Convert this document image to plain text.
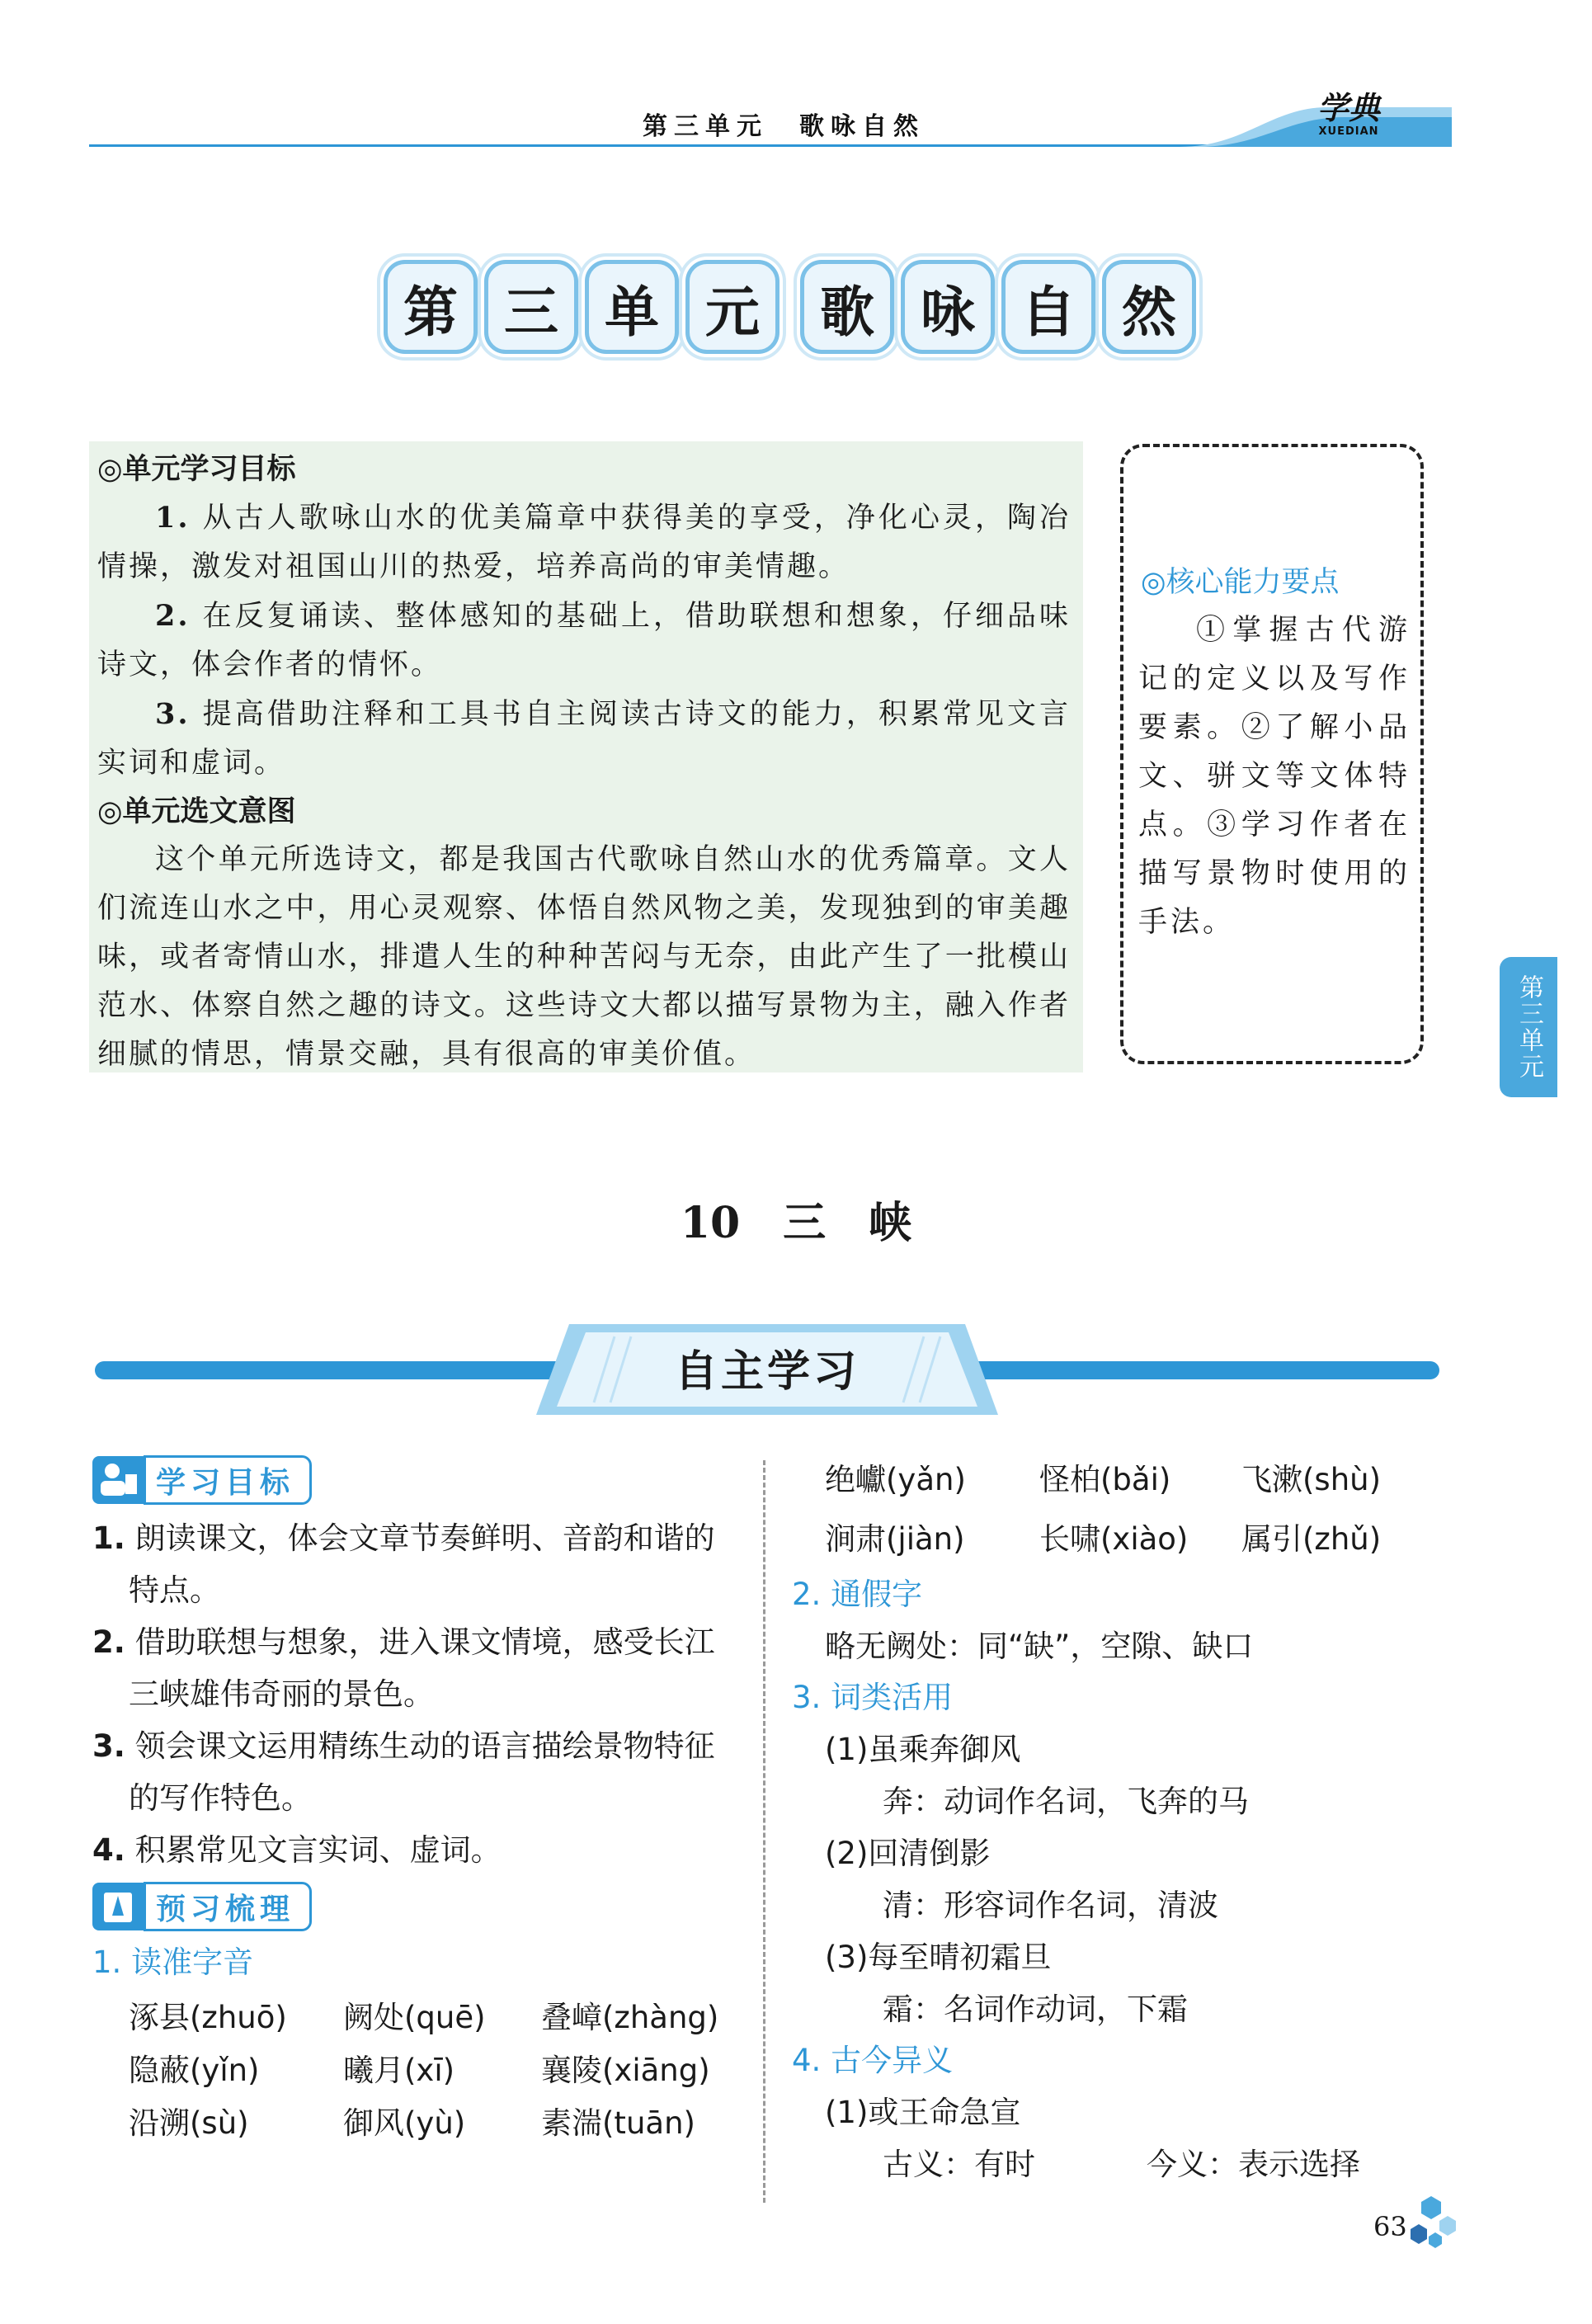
第三单元　歌咏自然
学典
XUEDIAN
第 三 单 元	歌 咏 自 然
◎单元学习目标
1. 从古人歌咏山水的优美篇章中获得美的享受，净化心灵，陶冶情操，激发对祖国山川的热爱，培养高尚的审美情趣。
2. 在反复诵读、整体感知的基础上，借助联想和想象，仔细品味诗文，体会作者的情怀。
3. 提高借助注释和工具书自主阅读古诗文的能力，积累常见文言实词和虚词。
◎单元选文意图
这个单元所选诗文，都是我国古代歌咏自然山水的优秀篇章。文人们流连山水之中，用心灵观察、体悟自然风物之美，发现独到的审美趣味，或者寄情山水，排遣人生的种种苦闷与无奈，由此产生了一批模山范水、体察自然之趣的诗文。这些诗文大都以描写景物为主，融入作者细腻的情思，情景交融，具有很高的审美价值。
◎核心能力要点
①掌握古代游记的定义以及写作要素。②了解小品文、骈文等文体特点。③学习作者在描写景物时使用的手法。
第三单元
10　三　峡
自主学习
学习目标
1. 朗读课文，体会文章节奏鲜明、音韵和谐的特点。
2. 借助联想与想象，进入课文情境，感受长江三峡雄伟奇丽的景色。
3. 领会课文运用精练生动的语言描绘景物特征的写作特色。
4. 积累常见文言实词、虚词。
预习梳理
1. 读准字音
涿县(zhuō)	阙处(quē)	叠嶂(zhàng)
隐蔽(yǐn)	曦月(xī)	襄陵(xiāng)
沿溯(sù)	御风(yù)	素湍(tuān)
绝巘(yǎn)	怪柏(bǎi)	飞漱(shù)
涧肃(jiàn)	长啸(xiào)	属引(zhǔ)
2. 通假字
略无阙处：同“缺”，空隙、缺口
3. 词类活用
(1)虽乘奔御风
奔：动词作名词，飞奔的马
(2)回清倒影
清：形容词作名词，清波
(3)每至晴初霜旦
霜：名词作动词，下霜
4. 古今异义
(1)或王命急宣
古义：有时	今义：表示选择
63
